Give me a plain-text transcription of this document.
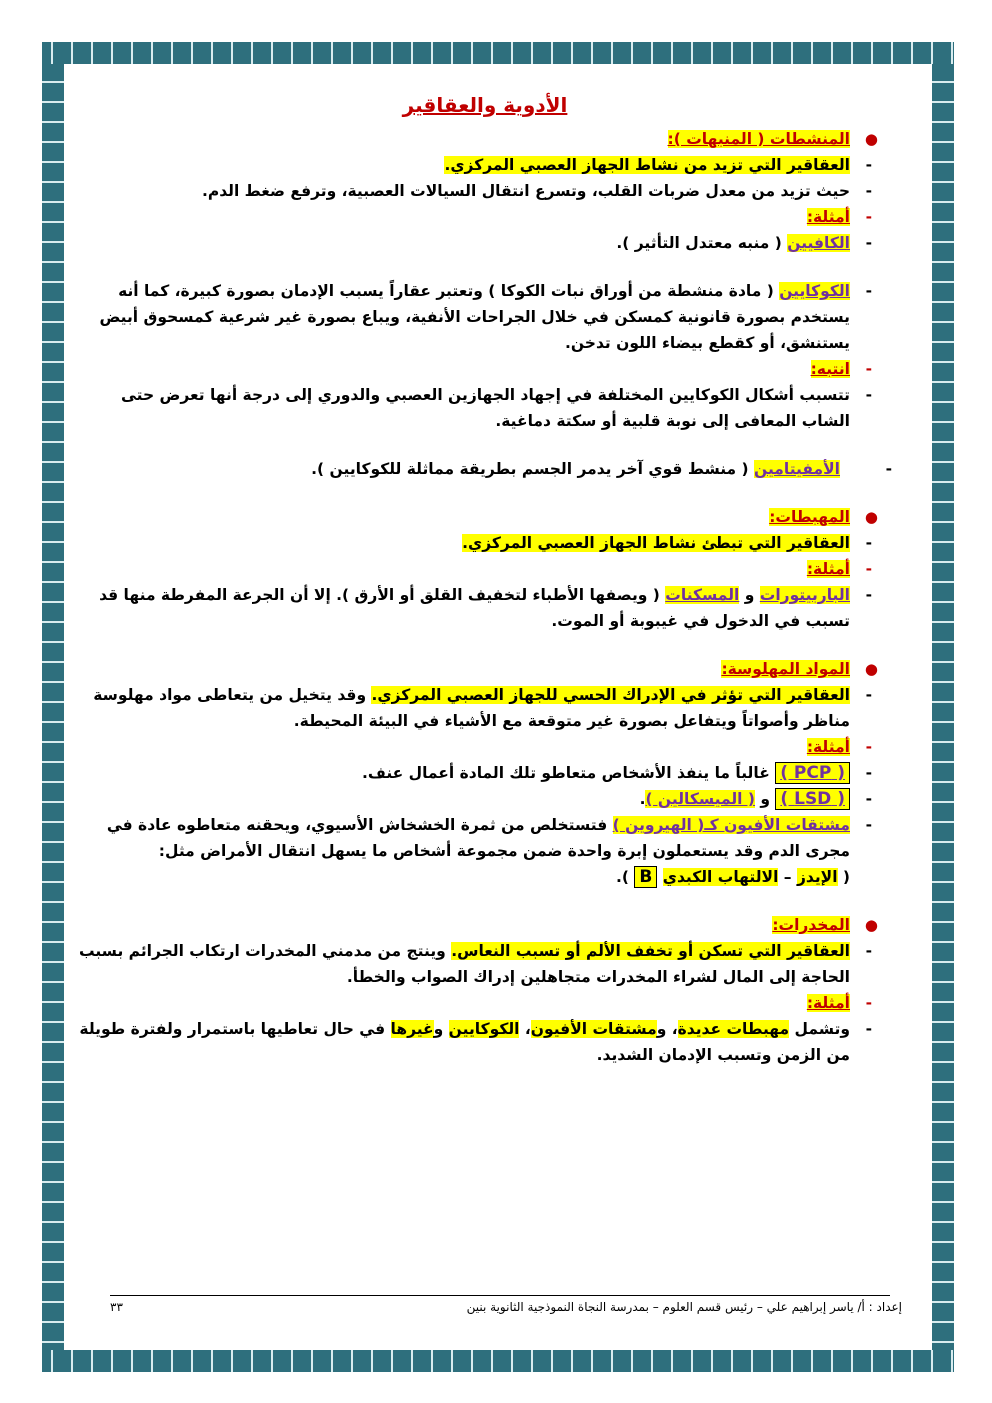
الأدوية والعقاقير
●
المنشطات ( المنبهات ):
-
العقاقير التي تزيد من نشاط الجهاز العصبي المركزي.
-
حيث تزيد من معدل ضربات القلب، وتسرع انتقال السيالات العصبية، وترفع ضغط الدم.
-
أمثلة:
-
الكافيين ( منبه معتدل التأثير ).
-
الكوكايين ( مادة منشطة من أوراق نبات الكوكا ) وتعتبر عقاراً يسبب الإدمان بصورة كبيرة، كما أنه يستخدم بصورة قانونية كمسكن في خلال الجراحات الأنفية، ويباع بصورة غير شرعية كمسحوق أبيض يستنشق، أو كقطع بيضاء اللون تدخن.
-
انتبه:
-
تتسبب أشكال الكوكايين المختلفة في إجهاد الجهازين العصبي والدوري إلى درجة أنها تعرض حتى الشاب المعافى إلى نوبة قلبية أو سكتة دماغية.
-
الأمفيتامين ( منشط قوي آخر يدمر الجسم بطريقة مماثلة للكوكايين ).
●
المهبطات:
-
العقاقير التي تبطئ نشاط الجهاز العصبي المركزي.
-
أمثلة:
-
الباربيتورات و المسكنات ( ويصفها الأطباء لتخفيف القلق أو الأرق ). إلا أن الجرعة المفرطة منها قد تسبب في الدخول في غيبوبة أو الموت.
●
المواد المهلوسة:
-
العقاقير التي تؤثر في الإدراك الحسي للجهاز العصبي المركزي. وقد يتخيل من يتعاطى مواد مهلوسة مناظر وأصواتاً ويتفاعل بصورة غير متوقعة مع الأشياء في البيئة المحيطة.
-
أمثلة:
-
( PCP ) غالباً ما ينفذ الأشخاص متعاطو تلك المادة أعمال عنف.
-
( LSD ) و ( الميسكالين ).
-
مشتقات الأفيون كـ( الهيروين ) فتستخلص من ثمرة الخشخاش الأسيوي، ويحقنه متعاطوه عادة في مجرى الدم وقد يستعملون إبرة واحدة ضمن مجموعة أشخاص ما يسهل انتقال الأمراض مثل:
( الإيدز – الالتهاب الكبدي B ).
●
المخدرات:
-
العقاقير التي تسكن أو تخفف الألم أو تسبب النعاس. وينتج من مدمني المخدرات ارتكاب الجرائم بسبب الحاجة إلى المال لشراء المخدرات متجاهلين إدراك الصواب والخطأ.
-
أمثلة:
-
وتشمل مهبطات عديدة، ومشتقات الأفيون، الكوكايين وغيرها في حال تعاطيها باستمرار ولفترة طويلة من الزمن وتسبب الإدمان الشديد.
إعداد : أ/ ياسر إبراهيم علي – رئيس قسم العلوم – بمدرسة النجاة النموذجية الثانوية بنين
٣٣
